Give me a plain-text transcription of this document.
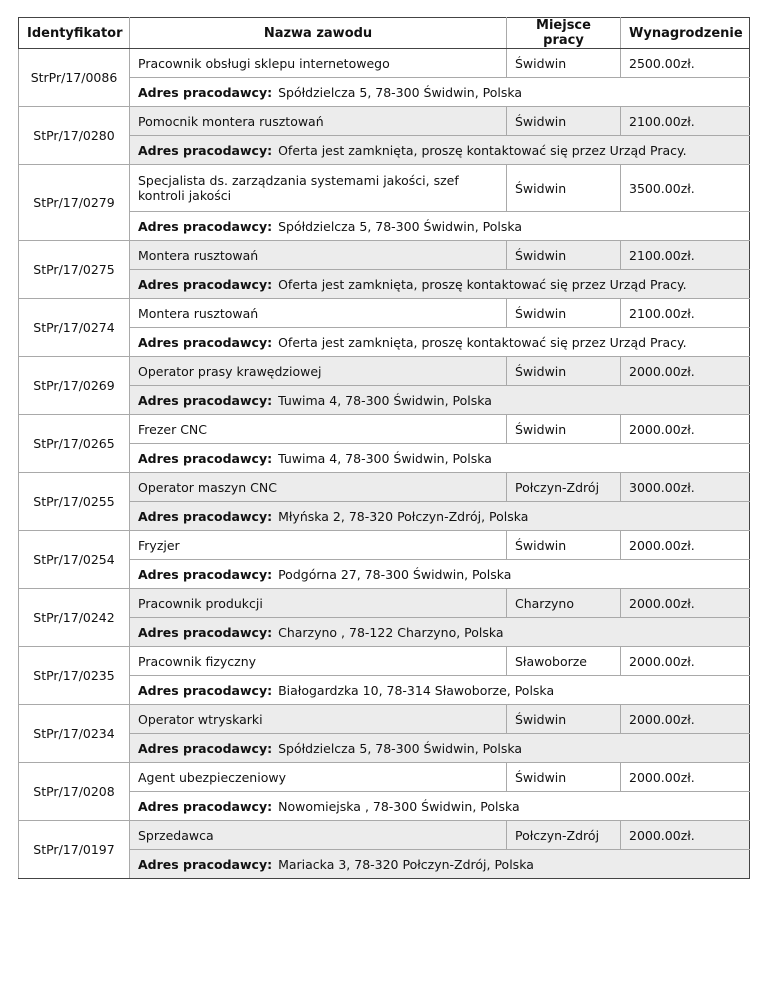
Identyfikator	Nazwa zawodu	Miejsce pracy	Wynagrodzenie
StrPr/17/0086	Pracownik obsługi sklepu internetowego	Świdwin	2500.00zł.
	Adres pracodawcy: Spółdzielcza 5, 78-300 Świdwin, Polska		
StPr/17/0280	Pomocnik montera rusztowań	Świdwin	2100.00zł.
	Adres pracodawcy: Oferta jest zamknięta, proszę kontaktować się przez Urząd Pracy.		
StPr/17/0279	Specjalista ds. zarządzania systemami jakości, szef kontroli jakości	Świdwin	3500.00zł.
	Adres pracodawcy: Spółdzielcza 5, 78-300 Świdwin, Polska		
StPr/17/0275	Montera rusztowań	Świdwin	2100.00zł.
	Adres pracodawcy: Oferta jest zamknięta, proszę kontaktować się przez Urząd Pracy.		
StPr/17/0274	Montera rusztowań	Świdwin	2100.00zł.
	Adres pracodawcy: Oferta jest zamknięta, proszę kontaktować się przez Urząd Pracy.		
StPr/17/0269	Operator prasy krawędziowej	Świdwin	2000.00zł.
	Adres pracodawcy: Tuwima 4, 78-300 Świdwin, Polska		
StPr/17/0265	Frezer CNC	Świdwin	2000.00zł.
	Adres pracodawcy: Tuwima 4, 78-300 Świdwin, Polska		
StPr/17/0255	Operator maszyn CNC	Połczyn-Zdrój	3000.00zł.
	Adres pracodawcy: Młyńska 2, 78-320 Połczyn-Zdrój, Polska		
StPr/17/0254	Fryzjer	Świdwin	2000.00zł.
	Adres pracodawcy: Podgórna 27, 78-300 Świdwin, Polska		
StPr/17/0242	Pracownik produkcji	Charzyno	2000.00zł.
	Adres pracodawcy: Charzyno , 78-122 Charzyno, Polska		
StPr/17/0235	Pracownik fizyczny	Sławoborze	2000.00zł.
	Adres pracodawcy: Białogardzka 10, 78-314 Sławoborze, Polska		
StPr/17/0234	Operator wtryskarki	Świdwin	2000.00zł.
	Adres pracodawcy: Spółdzielcza 5, 78-300 Świdwin, Polska		
StPr/17/0208	Agent ubezpieczeniowy	Świdwin	2000.00zł.
	Adres pracodawcy: Nowomiejska , 78-300 Świdwin, Polska		
StPr/17/0197	Sprzedawca	Połczyn-Zdrój	2000.00zł.
	Adres pracodawcy: Mariacka 3, 78-320 Połczyn-Zdrój, Polska		
